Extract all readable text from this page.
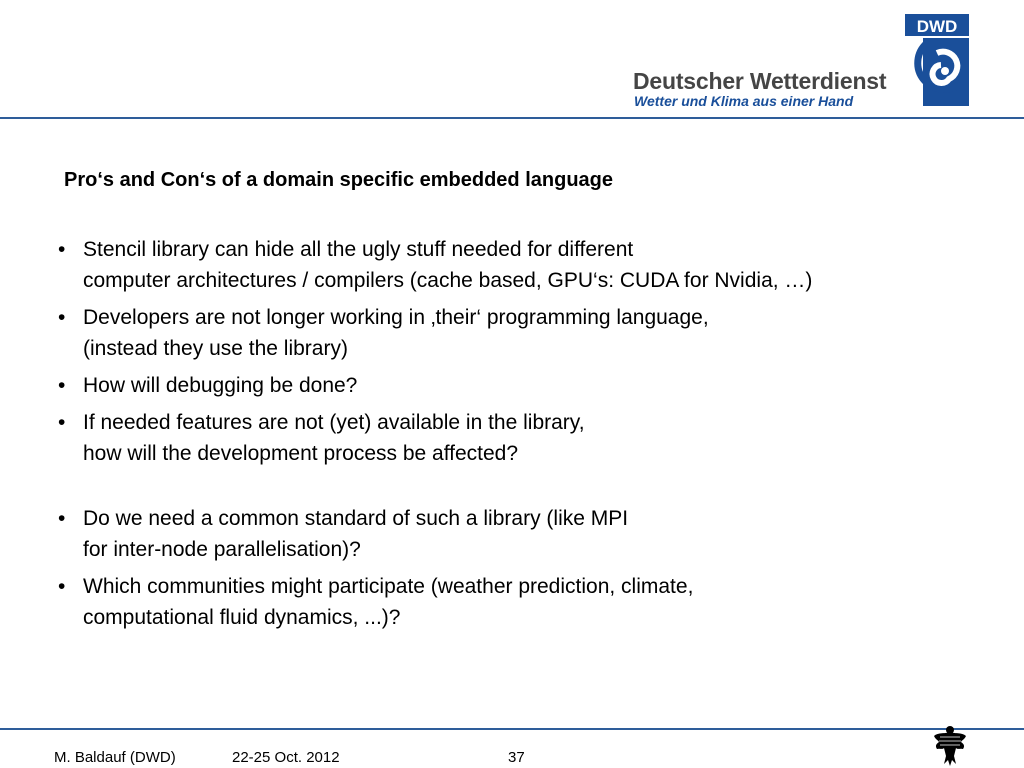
Deutscher Wetterdienst
Wetter und Klima aus einer Hand
DWD
Pro‘s and Con‘s of a domain specific embedded language
• Stencil library can hide all the ugly stuff needed for different
computer architectures / compilers (cache based, GPU‘s: CUDA for Nvidia, …)
• Developers are not longer working in ‚their‘ programming language,
(instead they use the library)
• How will debugging be done?
• If needed features are not (yet) available in the library,
how will the development process be affected?
• Do we need a common standard of such a library (like MPI
for inter-node parallelisation)?
• Which communities might participate (weather prediction, climate,
computational fluid dynamics, ...)?
M. Baldauf (DWD)	22-25 Oct. 2012	37
